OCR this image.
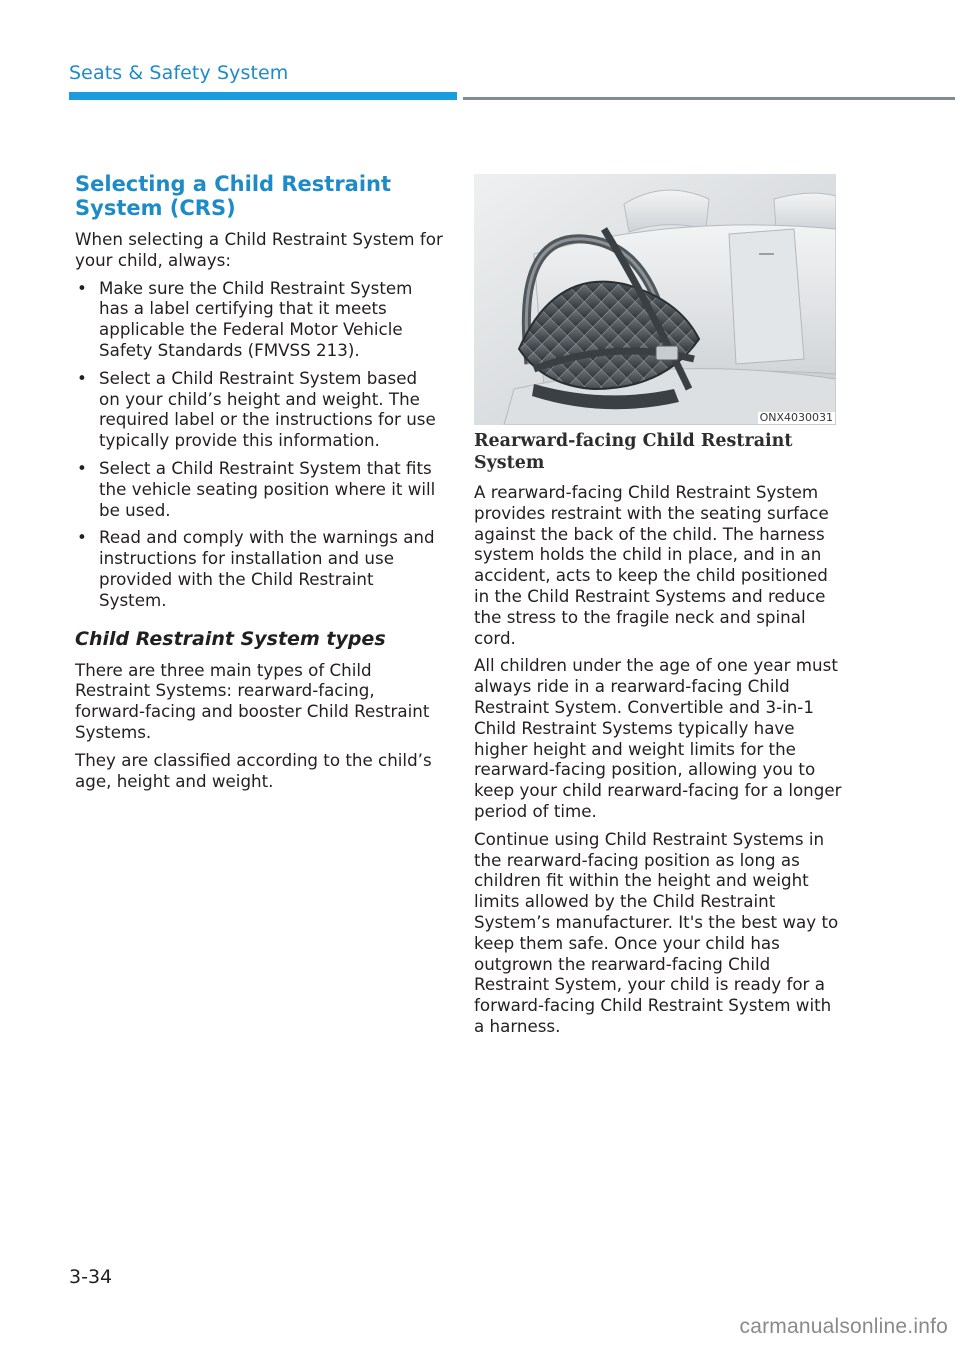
Seats & Safety System
Selecting a Child Restraint
System (CRS)

When selecting a Child Restraint System for your child, always:

• Make sure the Child Restraint System has a label certifying that it meets applicable the Federal Motor Vehicle Safety Standards (FMVSS 213).
• Select a Child Restraint System based on your child’s height and weight. The required label or the instructions for use typically provide this information.
• Select a Child Restraint System that fits the vehicle seating position where it will be used.
• Read and comply with the warnings and instructions for installation and use provided with the Child Restraint System.
Child Restraint System types

There are three main types of Child Restraint Systems: rearward-facing, forward-facing and booster Child Restraint Systems.

They are classified according to the child’s age, height and weight.

ONX4030031
Rearward-facing Child Restraint System

A rearward-facing Child Restraint System provides restraint with the seating surface against the back of the child. The harness system holds the child in place, and in an accident, acts to keep the child positioned in the Child Restraint Systems and reduce the stress to the fragile neck and spinal cord.

All children under the age of one year must always ride in a rearward-facing Child Restraint System. Convertible and 3-in-1 Child Restraint Systems typically have higher height and weight limits for the rearward-facing position, allowing you to keep your child rearward-facing for a longer period of time.

Continue using Child Restraint Systems in the rearward-facing position as long as children fit within the height and weight limits allowed by the Child Restraint System’s manufacturer. It's the best way to keep them safe. Once your child has outgrown the rearward-facing Child Restraint System, your child is ready for a forward-facing Child Restraint System with a harness.

3-34
carmanualsonline.info
